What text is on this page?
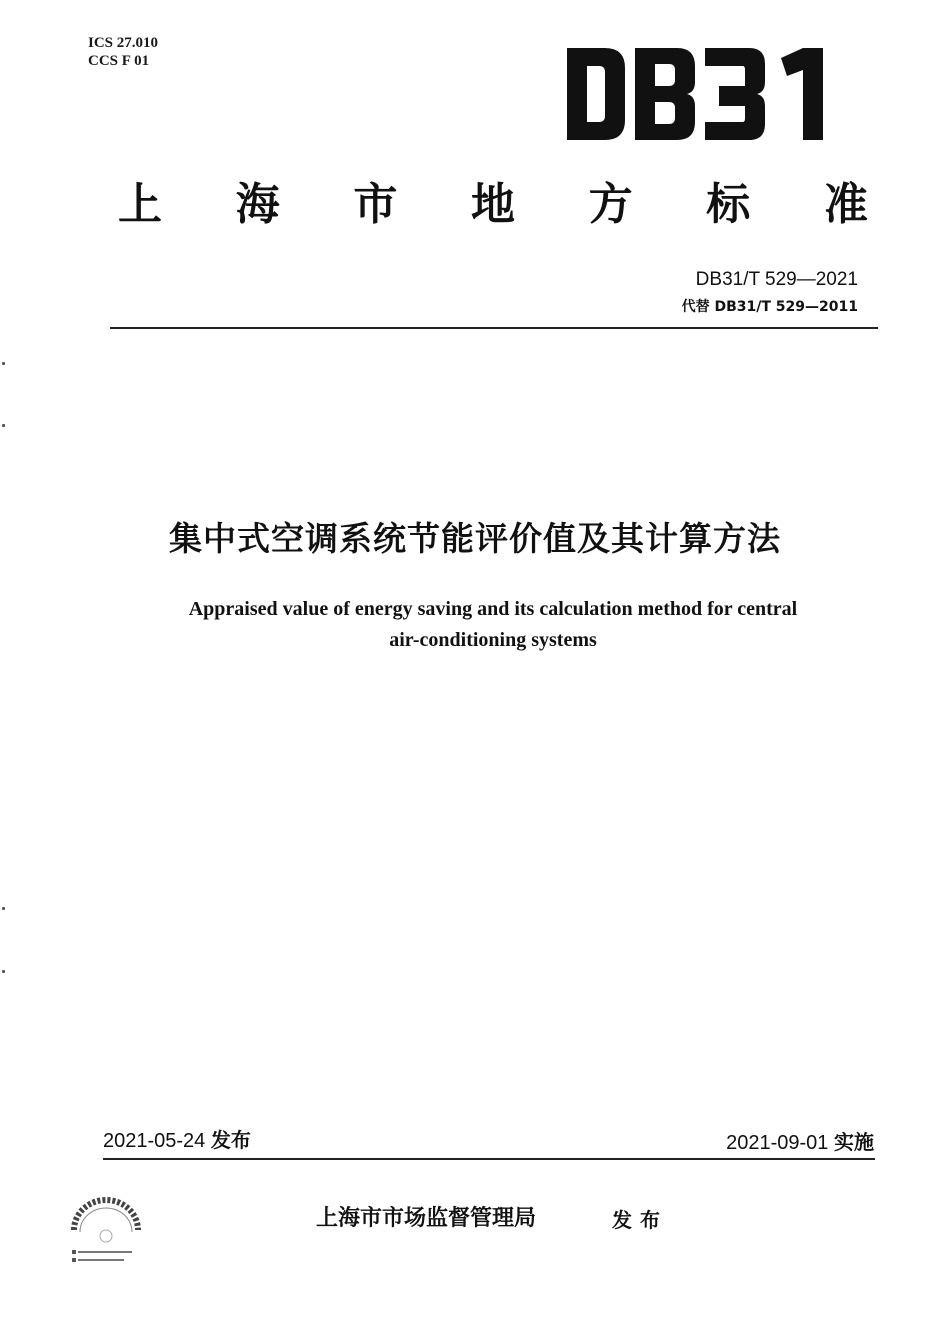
ICS 27.010
CCS F 01
上 海 市 地 方 标 准
DB31/T 529—2021
代替 DB31/T 529—2011
集中式空调系统节能评价值及其计算方法
Appraised value of energy saving and its calculation method for central
air-conditioning systems
2021-05-24 发布	2021-09-01 实施
上海市市场监督管理局	发布
